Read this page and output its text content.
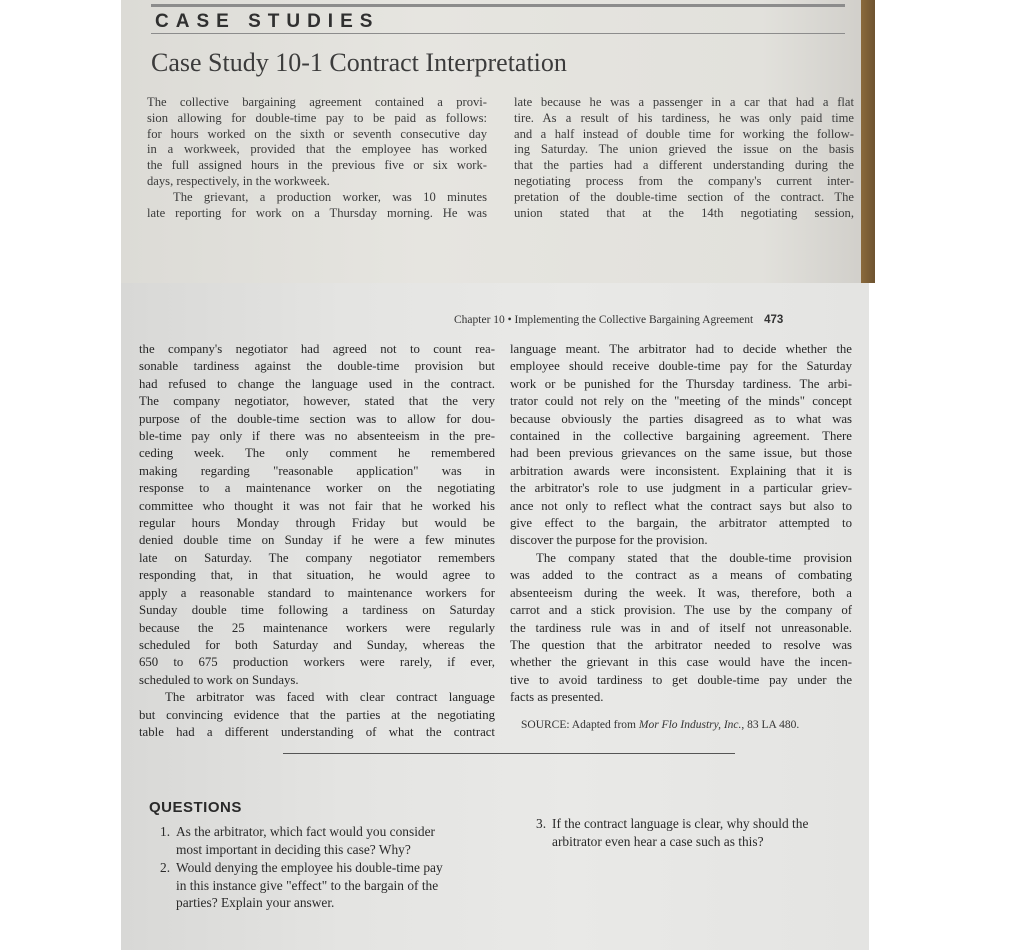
CASE STUDIES
Case Study 10-1 Contract Interpretation
The collective bargaining agreement contained a provi-
sion allowing for double-time pay to be paid as follows:
for hours worked on the sixth or seventh consecutive day
in a workweek, provided that the employee has worked
the full assigned hours in the previous five or six work-
days, respectively, in the workweek.
The grievant, a production worker, was 10 minutes
late reporting for work on a Thursday morning. He was
late because he was a passenger in a car that had a flat
tire. As a result of his tardiness, he was only paid time
and a half instead of double time for working the follow-
ing Saturday. The union grieved the issue on the basis
that the parties had a different understanding during the
negotiating process from the company's current inter-
pretation of the double-time section of the contract. The
union stated that at the 14th negotiating session,
Chapter 10 • Implementing the Collective Bargaining Agreement 473
the company's negotiator had agreed not to count rea-
sonable tardiness against the double-time provision but
had refused to change the language used in the contract.
The company negotiator, however, stated that the very
purpose of the double-time section was to allow for dou-
ble-time pay only if there was no absenteeism in the pre-
ceding week. The only comment he remembered
making regarding "reasonable application" was in
response to a maintenance worker on the negotiating
committee who thought it was not fair that he worked his
regular hours Monday through Friday but would be
denied double time on Sunday if he were a few minutes
late on Saturday. The company negotiator remembers
responding that, in that situation, he would agree to
apply a reasonable standard to maintenance workers for
Sunday double time following a tardiness on Saturday
because the 25 maintenance workers were regularly
scheduled for both Saturday and Sunday, whereas the
650 to 675 production workers were rarely, if ever,
scheduled to work on Sundays.
The arbitrator was faced with clear contract language
but convincing evidence that the parties at the negotiating
table had a different understanding of what the contract
language meant. The arbitrator had to decide whether the
employee should receive double-time pay for the Saturday
work or be punished for the Thursday tardiness. The arbi-
trator could not rely on the "meeting of the minds" concept
because obviously the parties disagreed as to what was
contained in the collective bargaining agreement. There
had been previous grievances on the same issue, but those
arbitration awards were inconsistent. Explaining that it is
the arbitrator's role to use judgment in a particular griev-
ance not only to reflect what the contract says but also to
give effect to the bargain, the arbitrator attempted to
discover the purpose for the provision.
The company stated that the double-time provision
was added to the contract as a means of combating
absenteeism during the week. It was, therefore, both a
carrot and a stick provision. The use by the company of
the tardiness rule was in and of itself not unreasonable.
The question that the arbitrator needed to resolve was
whether the grievant in this case would have the incen-
tive to avoid tardiness to get double-time pay under the
facts as presented.
SOURCE: Adapted from Mor Flo Industry, Inc., 83 LA 480.
QUESTIONS
1. As the arbitrator, which fact would you consider
most important in deciding this case? Why?
2. Would denying the employee his double-time pay
in this instance give "effect" to the bargain of the
parties? Explain your answer.
3. If the contract language is clear, why should the
arbitrator even hear a case such as this?
